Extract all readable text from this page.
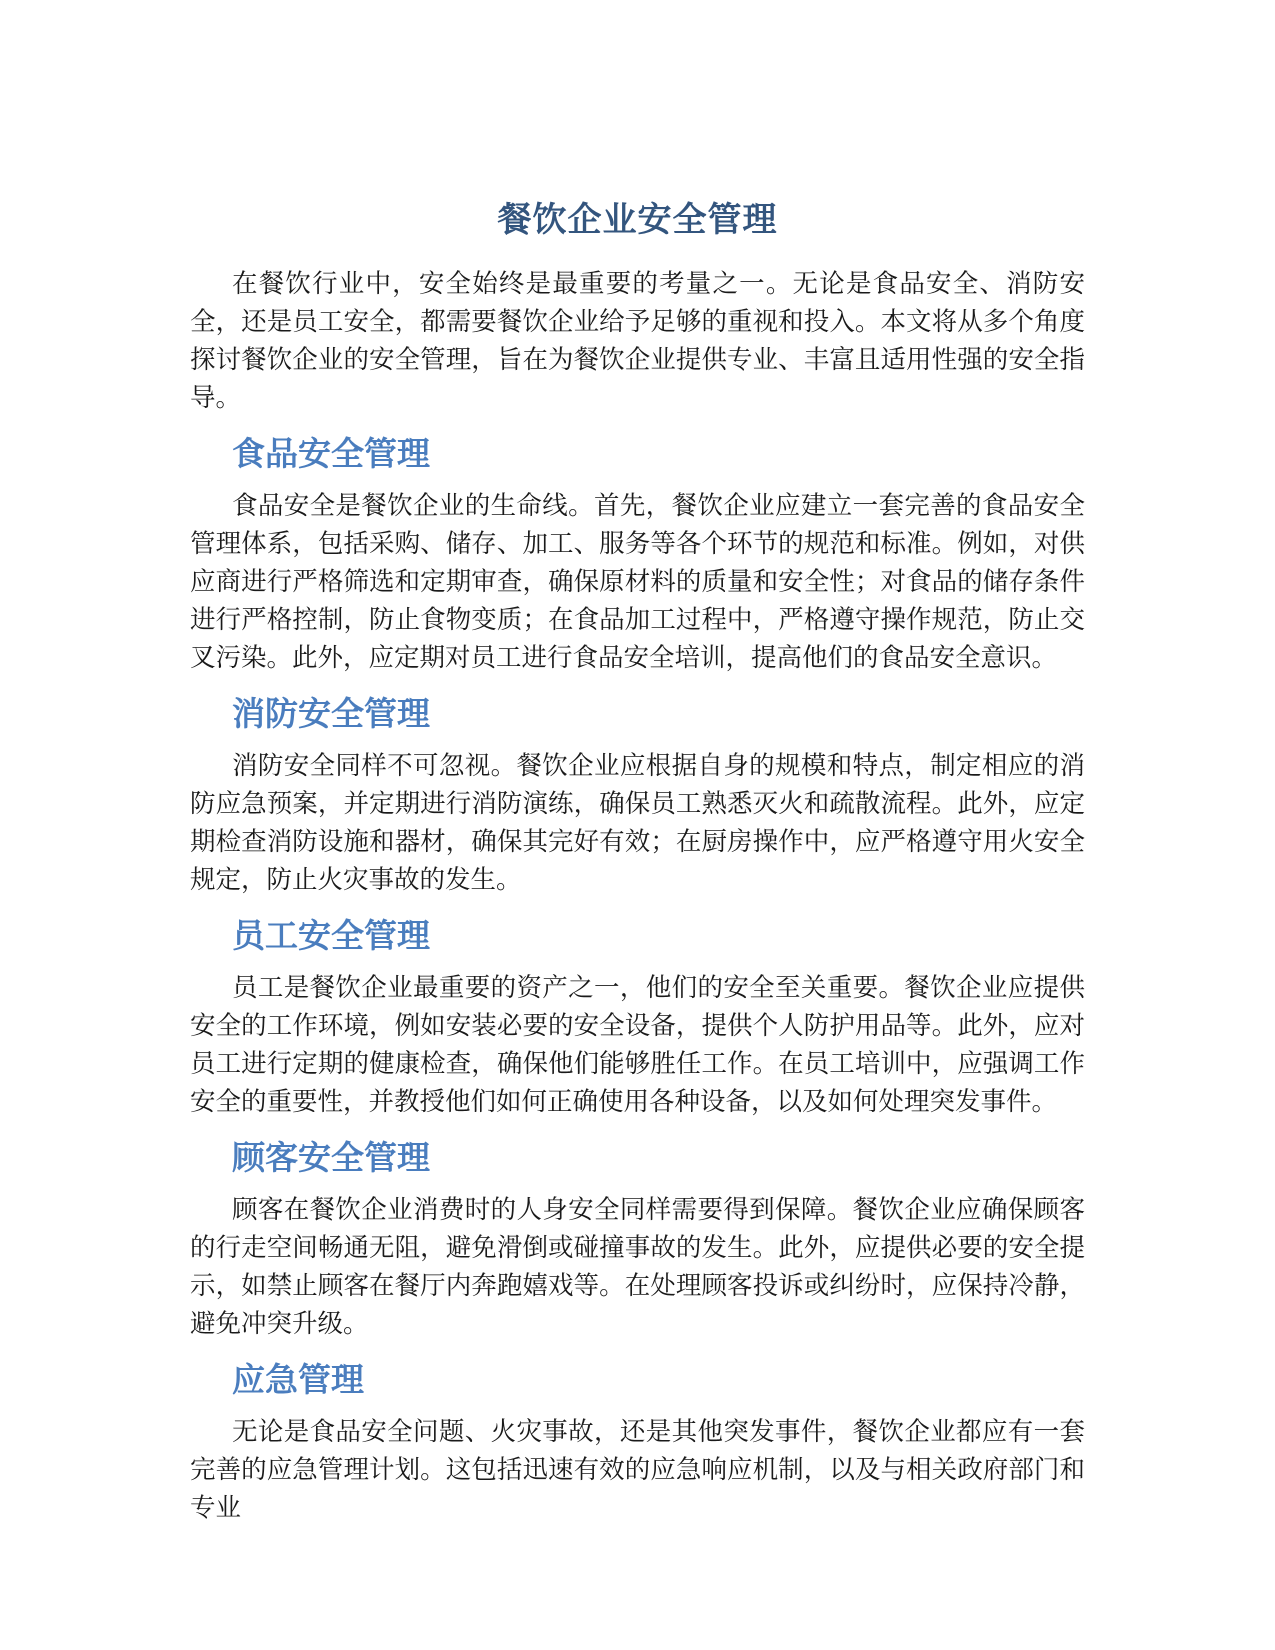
餐饮企业安全管理

在餐饮行业中，安全始终是最重要的考量之一。无论是食品安全、消防安全，还是员工安全，都需要餐饮企业给予足够的重视和投入。本文将从多个角度探讨餐饮企业的安全管理，旨在为餐饮企业提供专业、丰富且适用性强的安全指导。

食品安全管理

食品安全是餐饮企业的生命线。首先，餐饮企业应建立一套完善的食品安全管理体系，包括采购、储存、加工、服务等各个环节的规范和标准。例如，对供应商进行严格筛选和定期审查，确保原材料的质量和安全性；对食品的储存条件进行严格控制，防止食物变质；在食品加工过程中，严格遵守操作规范，防止交叉污染。此外，应定期对员工进行食品安全培训，提高他们的食品安全意识。

消防安全管理

消防安全同样不可忽视。餐饮企业应根据自身的规模和特点，制定相应的消防应急预案，并定期进行消防演练，确保员工熟悉灭火和疏散流程。此外，应定期检查消防设施和器材，确保其完好有效；在厨房操作中，应严格遵守用火安全规定，防止火灾事故的发生。

员工安全管理

员工是餐饮企业最重要的资产之一，他们的安全至关重要。餐饮企业应提供安全的工作环境，例如安装必要的安全设备，提供个人防护用品等。此外，应对员工进行定期的健康检查，确保他们能够胜任工作。在员工培训中，应强调工作安全的重要性，并教授他们如何正确使用各种设备，以及如何处理突发事件。

顾客安全管理

顾客在餐饮企业消费时的人身安全同样需要得到保障。餐饮企业应确保顾客的行走空间畅通无阻，避免滑倒或碰撞事故的发生。此外，应提供必要的安全提示，如禁止顾客在餐厅内奔跑嬉戏等。在处理顾客投诉或纠纷时，应保持冷静，避免冲突升级。

应急管理

无论是食品安全问题、火灾事故，还是其他突发事件，餐饮企业都应有一套完善的应急管理计划。这包括迅速有效的应急响应机制，以及与相关政府部门和专业
